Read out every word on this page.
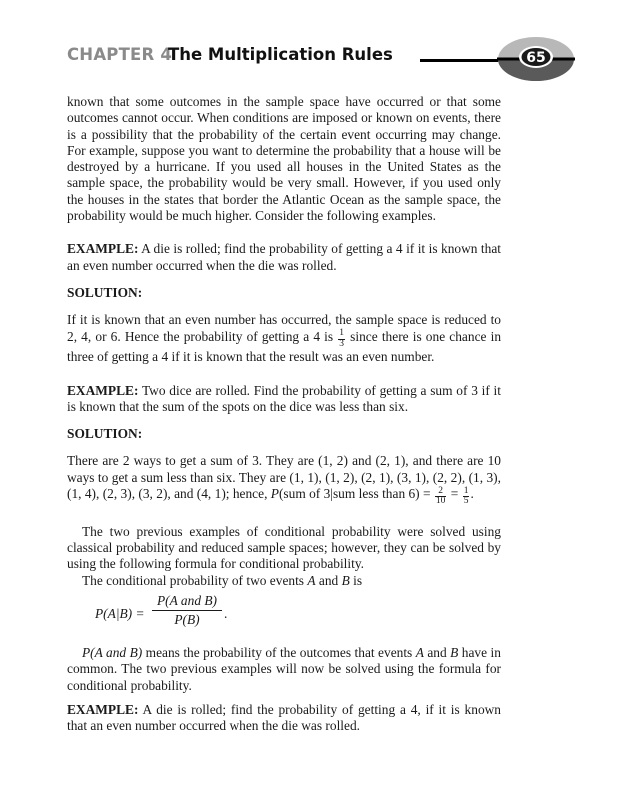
CHAPTER 4
The Multiplication Rules	65

known that some outcomes in the sample space have occurred or that some outcomes cannot occur. When conditions are imposed or known on events, there is a possibility that the probability of the certain event occurring may change. For example, suppose you want to determine the probability that a house will be destroyed by a hurricane. If you used all houses in the United States as the sample space, the probability would be very small. However, if you used only the houses in the states that border the Atlantic Ocean as the sample space, the probability would be much higher. Consider the following examples.

EXAMPLE: A die is rolled; find the probability of getting a 4 if it is known that an even number occurred when the die was rolled.

SOLUTION:

If it is known that an even number has occurred, the sample space is reduced to 2, 4, or 6. Hence the probability of getting a 4 is $\frac{1}{3}$ since there is one chance in three of getting a 4 if it is known that the result was an even number.

EXAMPLE: Two dice are rolled. Find the probability of getting a sum of 3 if it is known that the sum of the spots on the dice was less than six.

SOLUTION:

There are 2 ways to get a sum of 3. They are (1, 2) and (2, 1), and there are 10 ways to get a sum less than six. They are (1, 1), (1, 2), (2, 1), (3, 1), (2, 2), (1, 3), (1, 4), (2, 3), (3, 2), and (4, 1); hence, P(sum of 3|sum less than $6) = \frac{2}{10} = \frac{1}{5}$ .

The two previous examples of conditional probability were solved using classical probability and reduced sample spaces; however, they can be solved by using the following formula for conditional probability.

The conditional probability of two events A and B is

P(A|B) =
P(A and B)
P(B)	.

P(A and B) means the probability of the outcomes that events A and B have in common. The two previous examples will now be solved using the formula for conditional probability.

EXAMPLE: A die is rolled; find the probability of getting a 4, if it is known that an even number occurred when the die was rolled.
